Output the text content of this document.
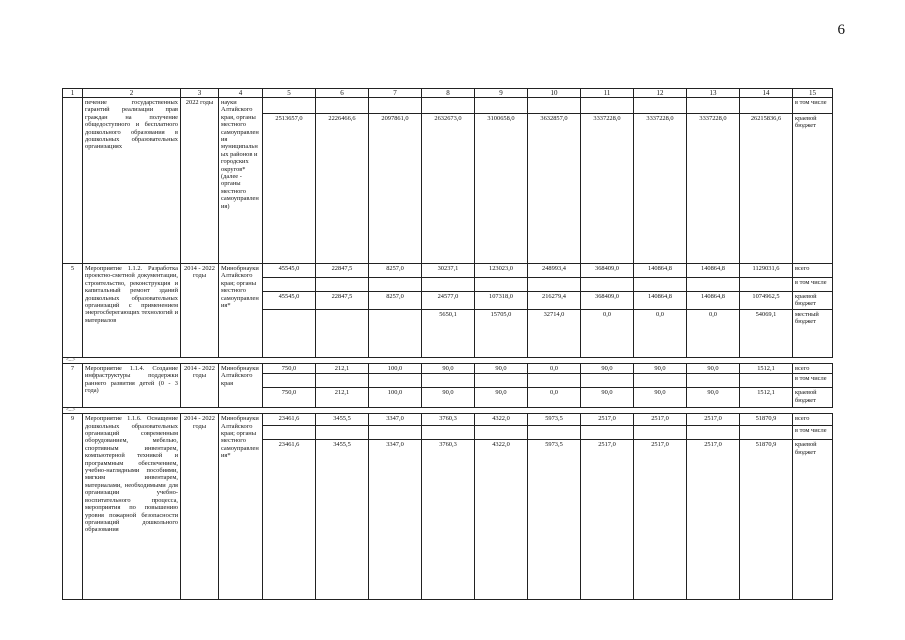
6
1	2	3	4	5	6	7	8	9	10	11	12	13	14	15
	печение государственных гарантий реализации прав граждан на получение общедоступного и бесплатного дошкольного образования в дошкольных образовательных организациях	2022 годы	науки Алтайского края, органы местного самоуправления муниципальных районов и городских округов* (далее - органы местного самоуправления)											в том числе
				2513657,0	2226466,6	2097861,0	2632673,0	3100658,0	3632857,0	3337228,0	3337228,0	3337228,0	26215836,6	краевой бюджет
5	Мероприятие 1.1.2. Разработка проектно-сметной документации, строительство, реконструкция и капитальный ремонт зданий дошкольных образовательных организаций с применением энергосберегающих технологий и материалов	2014 - 2022 годы	Минобрнауки Алтайского края; органы местного самоуправления*	45545,0	22847,5	8257,0	30237,1	123023,0	248993,4	368409,0	140864,8	140864,8	1129031,6	всего
														в том числе
				45545,0	22847,5	8257,0	24577,0	107318,0	216279,4	368409,0	140864,8	140864,8	1074962,5	краевой бюджет
							5650,1	15705,0	32714,0	0,0	0,0	0,0	54069,1	местный бюджет
<...>														
7	Мероприятие 1.1.4. Создание инфраструктуры поддержки раннего развития детей (0 - 3 года)	2014 - 2022 годы	Минобрнауки Алтайского края	750,0	212,1	100,0	90,0	90,0	0,0	90,0	90,0	90,0	1512,1	всего
														в том числе
				750,0	212,1	100,0	90,0	90,0	0,0	90,0	90,0	90,0	1512,1	краевой бюджет
<...>														
9	Мероприятие 1.1.6. Оснащение дошкольных образовательных организаций современным оборудованием, мебелью, спортивным инвентарем, компьютерной техникой и программным обеспечением, учебно-наглядными пособиями, мягким инвентарем, материалами, необходимыми для организации учебно-воспитательного процесса, мероприятия по повышению уровня пожарной безопасности организаций дошкольного образования	2014 - 2022 годы	Минобрнауки Алтайского края; органы местного самоуправления*	23461,6	3455,5	3347,0	3760,3	4322,0	5973,5	2517,0	2517,0	2517,0	51870,9	всего
														в том числе
				23461,6	3455,5	3347,0	3760,3	4322,0	5973,5	2517,0	2517,0	2517,0	51870,9	краевой бюджет
